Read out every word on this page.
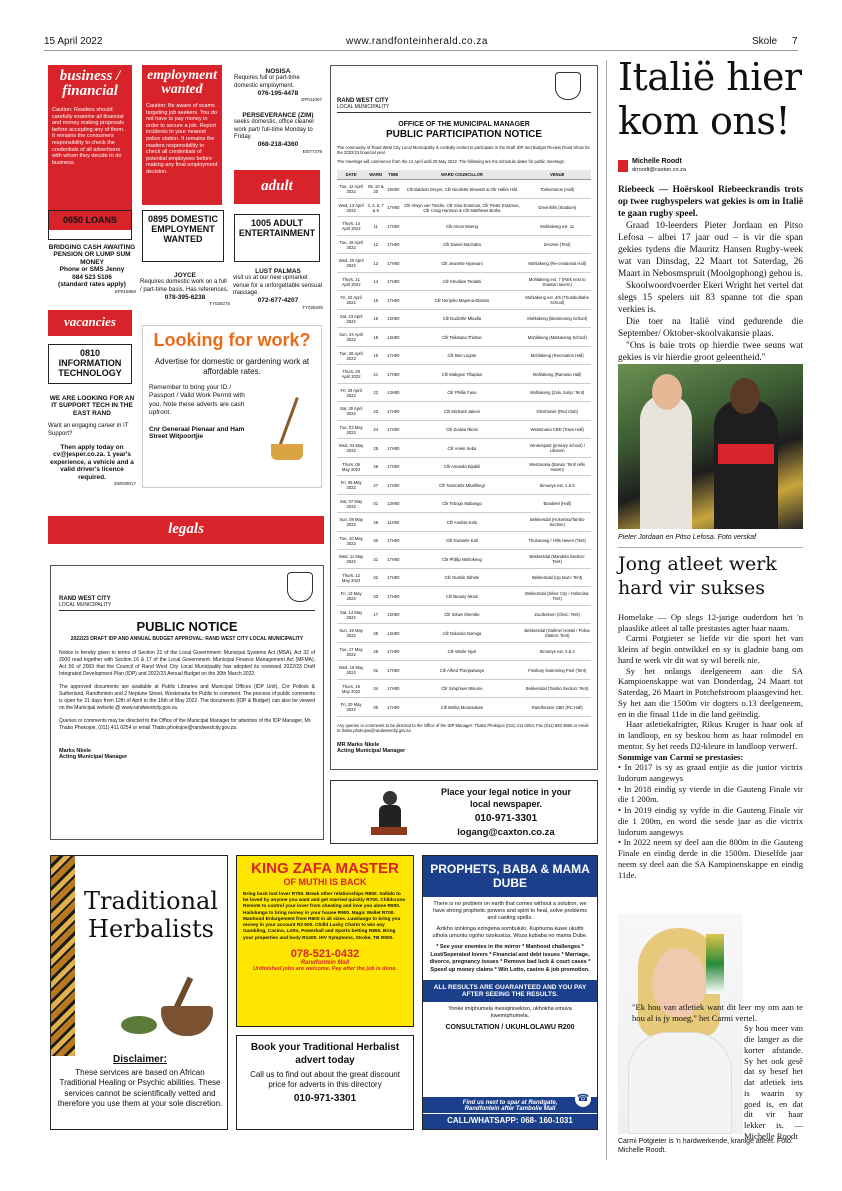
15 April 2022	www.randfonteinherald.co.za	Skole 7
business / financial
Caution: Readers should carefully examine all financial and money making proposals before accepting any of them. It remains the consumers responsibility to check the credentials of all advertisers with whom they decide to do business.
0650 LOANS
BRIDGING CASH AWAITING PENSION OR LUMP SUM MONEY
Phone or SMS Jenny
084 523 5106
(standard rates apply)
EP015860
vacancies
0810 INFORMATION TECHNOLOGY
WE ARE LOOKING FOR AN IT SUPPORT TECH IN THE EAST RAND
Want an engaging career in IT Support?
Then apply today on cv@jesper.co.za. 1 year's experience, a vehicle and a valid driver's licence required.
ZW029017
employment wanted
Caution: Be aware of scams targeting job seekers. You do not have to pay money in order to secure a job. Report incidents to your nearest police station. It remains the readers responsibility to check all credentials of potential employees before making any final employment decision.
0895 DOMESTIC EMPLOYMENT WANTED
JOYCE
Requires domestic work on a full / part-time basis. Has references.
078-395-6238
TY028275
NOSISA
Requires full or part-time domestic employment.
076-195-4478
EP011007
PERSEVERANCE (ZIM)
seeks domestic, office cleaner work part/ full-time Monday to Friday.
068-218-4360
EI077478
adult
1005 ADULT ENTERTAINMENT
LUST PALMAS
visit us at our new upmarket venue for a unforgettable sensual massage.
072-677-4207
TY028290
Looking for work?
Advertise for domestic or gardening work at affordable rates.
Remember to bring your ID / Passport / Valid Work Permit with you. Note these adverts are cash upfront.
Cnr Generaal Pienaar and Ham Street Witpoortjie
legals
RAND WEST CITY
LOCAL MUNICIPALITY
PUBLIC NOTICE
2022/23 DRAFT IDP AND ANNUAL BUDGET APPROVAL: RAND WEST CITY LOCAL MUNICIPALITY
Notice is hereby given in terms of Section 21 of the Local Government: Municipal Systems Act (MSA), Act 32 of 2000 read together with Section 16 & 17 of the Local Government: Municipal Finance Management Act (MFMA), Act 56 of 2003 that the Council of Rand West City Local Municipality has adopted its reviewed 2022/23 Draft Integrated Development Plan (IDP) and 2022/23 Annual Budget on the 30th March 2022.
The approved documents are available at Public Libraries and Municipal Offices (IDP Unit), Cnr Pollock & Sutherland, Randfontein and 2 Neptune Street, Westonaria for Public to comment. The process of public comments is open for 21 days from 12th of April to the 16th of May 2022. The documents (IDP & Budget) can also be viewed on the Municipal website @ www.randwestcity.gov.za.
Queries or comments may be directed to the Office of the Municipal Manager for attention of the IDP Manager, Mr. Thabo Phokojoe, (011) 411 0254 or email Thabo.phokojoe@randwestcity.gov.za.
Marks Nkele
Acting Municipal Manager
RAND WEST CITY
LOCAL MUNICIPALITY
OFFICE OF THE MUNICIPAL MANAGER
PUBLIC PARTICIPATION NOTICE
The community of Rand West City Local Municipality is cordially invited to participate in the Draft IDP and Budget Review Road Show for the 2022/23 financial year.
The meetings will commence from the 12 April until 20 May 2022. The following are the schedule dates for public meetings:
DATE	WARD	TIME	WARD COUNCILLOR	VENUE
Tue, 12 April 2022	09, 10 & 20	18H00	Cllr Baldwin Dreyer, Cllr Nicolette Klewietz & Cllr Hafiet Hild	Toekomsrus (Hall)
Wed, 13 April 2022	3, 4, 6, 7 & 8	17H00	Cllr Alwyn van Tonder, Cllr Sina Erasmus, Cllr Pieter Erasmus, Cllr Craig Harrison & Cllr Matthews Botha	Greenhills (Stadium)
Thurs, 14 April 2022	11	17H00	Cllr Amos Moeng	Mohlakeng ext. 11
Tue, 19 April 2022	12	17H00	Cllr Daniel Machaba	Zenzele (Tent)
Wed, 20 April 2022	13	17H00	Cllr Jeanette Nyamani	Mohlakeng (Re-creational Hall)
Thurs, 21 April 2022	14	17H00	Cllr Khudiwe Tsolatsi	Mohlakeng ext. 7 (Park next to Dowson tavern)
Fri, 22 April 2022	15	17H00	Cllr Nonjoho Mapena-Dlamini	Mohlakeng ext. 4/5 (Thutobuhlahe School)
Sat, 23 April 2022	16	13H00	Cllr Dudzelle Mkudla	Mohlakeng (Beatmoeng School)
Sun, 24 April 2022	18	13H00	Cllr Tsikisana Thlotoe	Mohlakeng (Matsaneng School)
Tue, 26 April 2022	19	17H00	Cllr Ben Legote	Mohlakeng (Recreation Hall)
Thurs, 28 April 2022	21	17H00	Cllr Mabgosi Tlhaplan	Mohlakeng (Ramosa Hall)
Fri, 29 April 2022	22	13H00	Cllr Phillie Fasu	Mohlakeng (Zulu Jump: Tent)
Sat, 30 April 2022	23	17H00	Cllr Michaeli Jakeni	Glenharvie (Red Club)
Tue, 03 May 2022	24	17H00	Cllr Zodwa Nkosi	Westonaria CBD (Town Hall)
Wed, 04 May 2022	25	17H00	Cllr Anele Seba	Venterspost (primary school) / Libanon
Thurs, 05 May 2022	26	17H00	Cllr Amanda Bijabili	Westonaria (Borwa: Tent/ Hills Haven)
Fri, 06 May 2022	27	17H00	Cllr Nontombi Mbalithegi	Simunye ext. 1 & 5
Sat, 07 May 2022	01	13H00	Cllr Tebogo Mabango	Bandelel (Hall)
Sun, 08 May 2022	29	11H00	Cllr Anelisa Kolo	Bekkersdal (Holomisa/Tambo Section)
Tue, 10 May 2022	30	17H00	Cllr Kwanele Kali	Thusanang / Hills Haven (Tent)
Wed, 11 May 2022	31	17H00	Cllr Phillip Ntshokeng	Bekkersdal (Mandela Section: Tent)
Thurs, 12 May 2022	32	17H00	Cllr Oumile Sithole	Bekkersdal (Up town: Tent)
Fri, 13 May 2022	33	17H00	Cllr Beauty Nkosi	Bekkersdal (Silver City / Holomisa: Tent)
Sat, 14 May 2022	17	13H00	Cllr Sizwe Shembe	Zuurbekom (Clinic: Tent)
Sun, 15 May 2022	35	13H00	Cllr Nolanda Nomiga	Bekkersdal (Outline/ Hostel / Police Station: Tent)
Tue, 17 May 2022	28	17H00	Cllr Winile Njuri	Simunye ext. 2 & 4
Wed, 18 May 2022	02	17H00	Cllr Alfred Thenjiwiwayo	Finsbury Swimming Pool (Tent)
Thurs, 19 May 2022	34	17H00	Cllr Simphiwe Ntsume	Bekkersdal (Tambo Section: Tent)
Fri, 20 May 2022	05	17H00	Cllr Belika Mounsakwe	Randfontein CBD (RC Hall)
Any queries or comments to be directed to the Office of the IDP Manager: Thabo Phokojoe (011) 411 0254, Fax (011) 693 3665 or email to thabo.phokojoe@randwestcity.gov.za
MR Marks Nkele
Acting Municipal Manager
Place your legal notice in your local newspaper.
010-971-3301
logang@caxton.co.za
Traditional Herbalists
Disclaimer:
These services are based on African Traditional Healing or Psychic abilities. These services cannot be scientifically vetted and therefore you use them at your sole discretion.
KING ZAFA MASTER
OF MUTHI IS BACK
Bring back lost lover R750. Break other relationships R850. Sallido to be loved by anyone you want and get married quickly R700. Childcrano Remote to control your lover from cheating and love you alone R900. Hailulunga to bring money in your house R900. Magic Wallet R700. Manhood Enlargement from R600 in all sizes. Luwilango to bring you money in your account R3 600. Chilld Lucky Charm to win any Gambling, Casino, Lotto, Powerball and Sports betting R850. Bring your properties and body R1400. HIV Symptoms, Stroke, TB R900.
078-521-0432
Randfontein Mall
Unfinished jobs are welcome. Pay after the job is done.
Book your Traditional Herbalist advert today
Call us to find out about the great discount price for adverts in this directory
010-971-3301
PROPHETS, BABA & MAMA DUBE
There is no problem on earth that comes without a solution, we have strong prophetic powers and spirit to heal, solve problems and casting spells.
Azikho izinkinga ezingena sombululo. Kuphuma kuwe ukuthi uthola umuntu ogoho ozokusiza, Woza kubaba no mama Dube.
* See your enemies in the mirror * Manhood challenges * Lost/Seperated lovers * Financial and debt issues * Marriage, divorce, pregnancy issues * Remove bad luck & court cases * Speed up money claims * Win Lotto, casino & job promotion.
ALL RESULTS ARE GUARANTEED AND YOU PAY AFTER SEEING THE RESULTS.
Yonke imiphumela inesiqinisekiso, ukhokha emuva kwemiphumela.
CONSULTATION / UKUHLOLAWU R200
Find us next to spar at Randgate, Randfontein after Tambolie Mall
CALL/WHATSAPP: 068- 160-1031
☎
Italië hier kom ons!
Michelle Roodt
drroodt@caxton.co.za

Riebeeck — Hoërskool Riebeeckrandis trots op twee rugbyspelers wat gekies is om in Italië te gaan rugby speel.

Graad 10-leerders Pieter Jordaan en Pitso Lefosa – albei 17 jaar oud – is vir die span gekies tydens die Mauritz Hansen Rugby-week wat van Dinsdag, 22 Maart tot Saterdag, 26 Maart in Nebosmspruit (Moolgophong) gehou is.

Skoolwoordvoerder Ekeri Wright het vertel dat slegs 15 spelers uit 83 spanne tot die span verkies is.

Die toer na Italië vind gedurende die September/ Oktober-skoolvakansie plaas.

"Ons is baie trots op hierdie twee seuns wat gekies is vir hierdie groot geleentheid."

Pieter Jordaan en Pitso Lefosa. Foto verskaf
Jong atleet werk hard vir sukses

Homelake — Op slegs 12-jarige ouderdom het 'n plaaslike atleet al talle prestasies agter haar naam.

Carmi Potgieter se liefde vir die sport het van kleins af begin ontwikkel en sy is gladnie bang om hard te werk vir dit wat sy wil bereik nie.

Sy het onlangs deelgeneem aan die SA Kampioenskappe wat van Donderdag, 24 Maart tot Saterdag, 26 Maart in Potchefstroom plaasgevind het. Sy het aan die 1500m vir dogters o.13 deelgeneem, en in die finaal 11de in die land geëindig.

Haar atletiekafrigter, Rikus Kruger is haar ook af in landloop, en sy beskou hom as haar rolmodel en mentor. Sy het reeds D2-kleure in landloop verwerf.

Sommige van Carmi se prestasies:

• In 2017 is sy as graad entjie as die junior victrix ludorum aangewys

• In 2018 eindig sy vierde in die Gauteng Finale vir die 1 200m.

• In 2019 eindig sy vyfde in die Gauteng Finale vir die 1 200m, en word die sesde jaar as die victrix ludorum aangewys

• In 2022 neem sy deel aan die 800m in die Gauteng Finale en eindig derde in die 1500m. Dieselfde jaar neem sy deel aan die SA Kampioenskappe en eindig 11de.

"Ek hou van atletiek want dit leer my om aan te hou al is jy moeg," het Carmi vertel.

Sy hou meer van die langer as die korter afstande. Sy het ook gesê dat sy besef het dat atletiek iets is waarin sy goed is, en dat dit vir haar lekker is. — Michelle Roodt

Carmi Potgieter is 'n hardwerkende, kranige atleet. Foto: Michelle Roodt.
